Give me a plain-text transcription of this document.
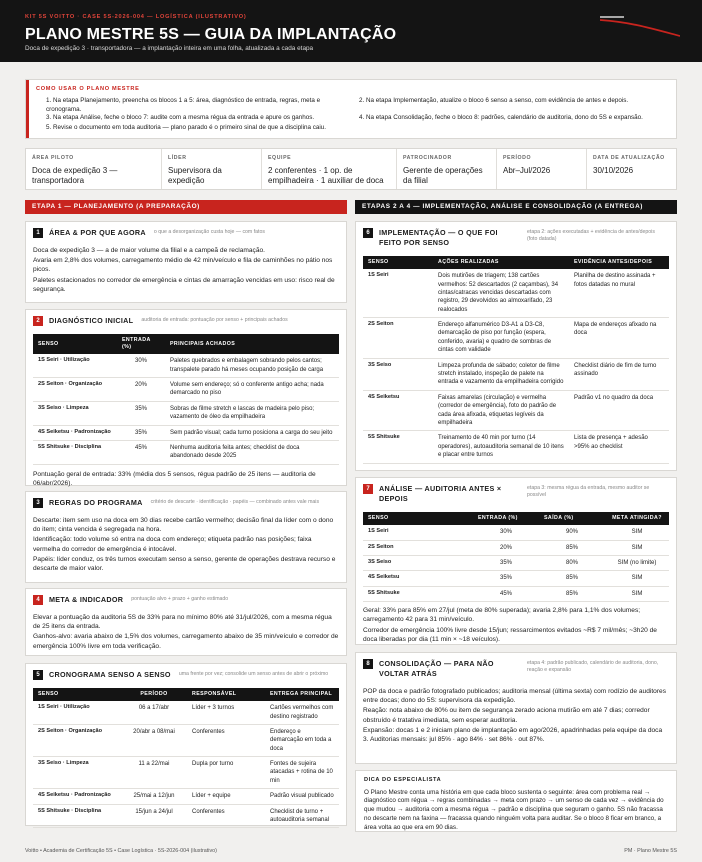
KIT 5S VOITTO · CASE 5S-2026-004 — LOGÍSTICA (ILUSTRATIVO)
PLANO MESTRE 5S — GUIA DA IMPLANTAÇÃO
Doca de expedição 3 · transportadora — a implantação inteira em uma folha, atualizada a cada etapa
COMO USAR O PLANO MESTRE
1. Na etapa Planejamento, preencha os blocos 1 a 5: área, diagnóstico de entrada, regras, meta e cronograma.
3. Na etapa Análise, feche o bloco 7: audite com a mesma régua da entrada e apure os ganhos.
5. Revise o documento em toda auditoria — plano parado é o primeiro sinal de que a disciplina caiu.
2. Na etapa Implementação, atualize o bloco 6 senso a senso, com evidência de antes e depois.
4. Na etapa Consolidação, feche o bloco 8: padrões, calendário de auditoria, dono do 5S e expansão.
ÁREA PILOTO
Doca de expedição 3 — transportadora
LÍDER
Supervisora da expedição
EQUIPE
2 conferentes · 1 op. de empilhadeira · 1 auxiliar de doca
PATROCINADOR
Gerente de operações da filial
PERÍODO
Abr–Jul/2026
DATA DE ATUALIZAÇÃO
30/10/2026
ETAPA 1 — PLANEJAMENTO (A PREPARAÇÃO)	ETAPAS 2 A 4 — IMPLEMENTAÇÃO, ANÁLISE E CONSOLIDAÇÃO (A ENTREGA)
1	ÁREA & POR QUE AGORA o que a desorganização custa hoje — com fatos

Doca de expedição 3 — a de maior volume da filial e a campeã de reclamação.

Avaria em 2,8% dos volumes, carregamento médio de 42 min/veículo e fila de caminhões no pátio nos picos.

Paletes estacionados no corredor de emergência e cintas de amarração vencidas em uso: risco real de segurança.

2	DIAGNÓSTICO INICIAL auditoria de entrada: pontuação por senso + principais achados
SENSO	ENTRADA (%)	PRINCIPAIS ACHADOS
1S Seiri · Utilização	30%	Paletes quebrados e embalagem sobrando pelos cantos; transpalete parado há meses ocupando posição de carga
2S Seiton · Organização	20%	Volume sem endereço; só o conferente antigo acha; nada demarcado no piso
3S Seiso · Limpeza	35%	Sobras de filme stretch e lascas de madeira pelo piso; vazamento de óleo da empilhadeira
4S Seiketsu · Padronização	35%	Sem padrão visual; cada turno posiciona a carga do seu jeito
5S Shitsuke · Disciplina	45%	Nenhuma auditoria feita antes; checklist de doca abandonado desde 2025

Pontuação geral de entrada: 33% (média dos 5 sensos, régua padrão de 25 itens — auditoria de 06/abr/2026).

3	REGRAS DO PROGRAMA critério de descarte · identificação · papéis — combinado antes vale mais

Descarte: item sem uso na doca em 30 dias recebe cartão vermelho; decisão final da líder com o dono do item; cinta vencida é segregada na hora.

Identificação: todo volume só entra na doca com endereço; etiqueta padrão nas posições; faixa vermelha do corredor de emergência é intocável.

Papéis: líder conduz, os três turnos executam senso a senso, gerente de operações destrava recurso e descarte de maior valor.

4	META & INDICADOR pontuação alvo + prazo + ganho estimado

Elevar a pontuação da auditoria 5S de 33% para no mínimo 80% até 31/jul/2026, com a mesma régua de 25 itens da entrada.

Ganhos-alvo: avaria abaixo de 1,5% dos volumes, carregamento abaixo de 35 min/veículo e corredor de emergência 100% livre em toda verificação.

5	CRONOGRAMA SENSO A SENSO uma frente por vez; consolide um senso antes de abrir o próximo
SENSO	PERÍODO	RESPONSÁVEL	ENTREGA PRINCIPAL
1S Seiri · Utilização	06 a 17/abr	Líder + 3 turnos	Cartões vermelhos com destino registrado
2S Seiton · Organização	20/abr a 08/mai	Conferentes	Endereço e demarcação em toda a doca
3S Seiso · Limpeza	11 a 22/mai	Dupla por turno	Fontes de sujeira atacadas + rotina de 10 min
4S Seiketsu · Padronização	25/mai a 12/jun	Líder + equipe	Padrão visual publicado
5S Shitsuke · Disciplina	15/jun a 24/jul	Conferentes	Checklist de turno + autoauditoria semanal
6	IMPLEMENTAÇÃO — O QUE FOI FEITO POR SENSO
etapa 2: ações executadas + evidência de antes/depois (foto datada)
SENSO	AÇÕES REALIZADAS	EVIDÊNCIA ANTES/DEPOIS
1S Seiri	Dois mutirões de triagem; 138 cartões vermelhos: 52 descartados (2 caçambas), 34 cintas/catracas vencidas descartadas com registro, 29 devolvidos ao almoxarifado, 23 realocados	Planilha de destino assinada + fotos datadas no mural
2S Seiton	Endereço alfanumérico D3-A1 a D3-C8, demarcação de piso por função (espera, conferido, avaria) e quadro de sombras de cintas com validade	Mapa de endereços afixado na doca
3S Seiso	Limpeza profunda de sábado; coletor de filme stretch instalado, inspeção de palete na entrada e vazamento da empilhadeira corrigido	Checklist diário de fim de turno assinado
4S Seiketsu	Faixas amarelas (circulação) e vermelha (corredor de emergência), foto do padrão de cada área afixada, etiquetas legíveis da empilhadeira	Padrão v1 no quadro da doca
5S Shitsuke	Treinamento de 40 min por turno (14 operadores), autoauditoria semanal de 10 itens e placar entre turnos	Lista de presença + adesão >95% ao checklist
7	ANÁLISE — AUDITORIA ANTES × DEPOIS
etapa 3: mesma régua da entrada, mesmo auditor se possível
SENSO	ENTRADA (%)	SAÍDA (%)	META ATINGIDA?
1S Seiri	30%	90%	SIM
2S Seiton	20%	85%	SIM
3S Seiso	35%	80%	SIM (no limite)
4S Seiketsu	35%	85%	SIM
5S Shitsuke	45%	85%	SIM

Geral: 33% para 85% em 27/jul (meta de 80% superada); avaria 2,8% para 1,1% dos volumes; carregamento 42 para 31 min/veículo.

Corredor de emergência 100% livre desde 15/jun; ressarcimentos evitados ~R$ 7 mil/mês; ~3h20 de doca liberadas por dia (11 min × ~18 veículos).

8	CONSOLIDAÇÃO — PARA NÃO VOLTAR ATRÁS
etapa 4: padrão publicado, calendário de auditoria, dono, reação e expansão

POP da doca e padrão fotografado publicados; auditoria mensal (última sexta) com rodízio de auditores entre docas; dono do 5S: supervisora da expedição.

Reação: nota abaixo de 80% ou item de segurança zerado aciona mutirão em até 7 dias; corredor obstruído é tratativa imediata, sem esperar auditoria.

Expansão: docas 1 e 2 iniciam plano de implantação em ago/2026, apadrinhadas pela equipe da doca 3. Auditorias mensais: jul 85% · ago 84% · set 86% · out 87%.

DICA DO ESPECIALISTA

O Plano Mestre conta uma história em que cada bloco sustenta o seguinte: área com problema real → diagnóstico com régua → regras combinadas → meta com prazo → um senso de cada vez → evidência do que mudou → auditoria com a mesma régua → padrão e disciplina que seguram o ganho. 5S não fracassa no descarte nem na faxina — fracassa quando ninguém volta para auditar. Se o bloco 8 ficar em branco, a área volta ao que era em 90 dias.

Voitto • Academia de Certificação 5S • Case Logística · 5S-2026-004 (ilustrativo)	PM · Plano Mestre 5S
